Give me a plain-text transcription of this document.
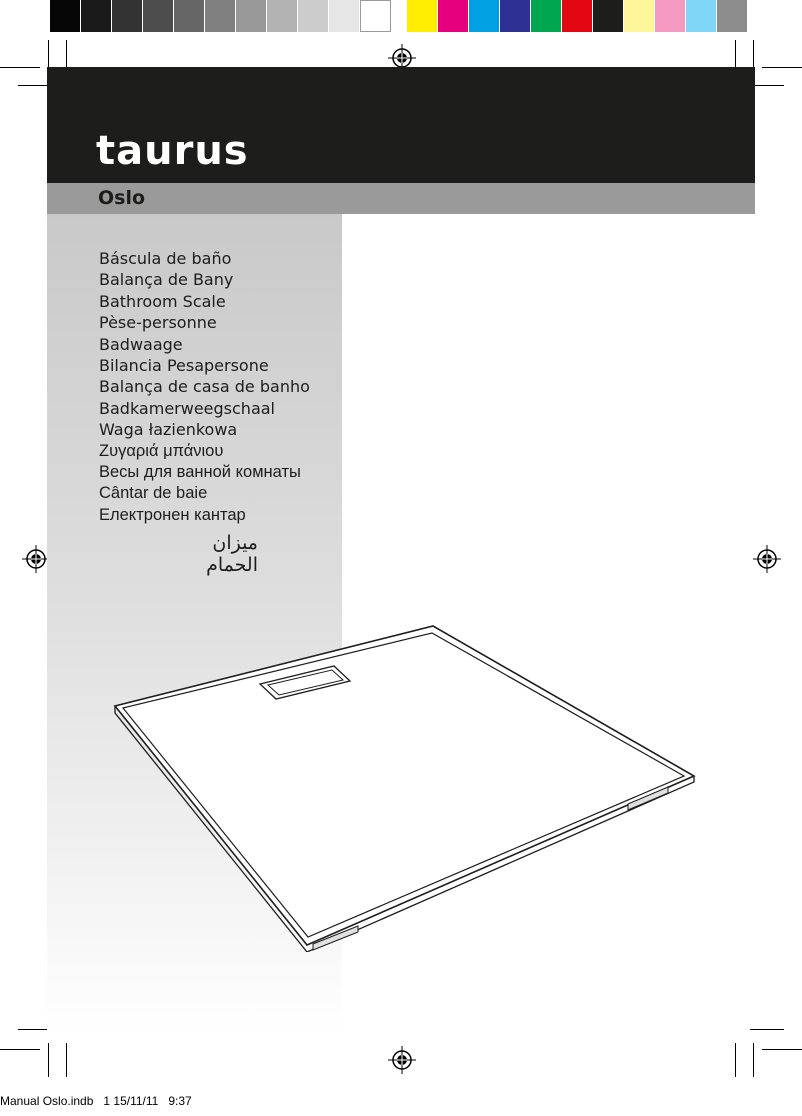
taurus
Oslo
Báscula de baño
Balança de Bany
Bathroom Scale
Pèse-personne
Badwaage
Bilancia Pesapersone
Balança de casa de banho
Badkamerweegschaal
Waga łazienkowa
Ζυγαριά μπάνιου
Весы для ванной комнаты
Cântar de baie
Електронен кантар
ميزان الحمام
Manual Oslo.indb   1 15/11/11   9:37
